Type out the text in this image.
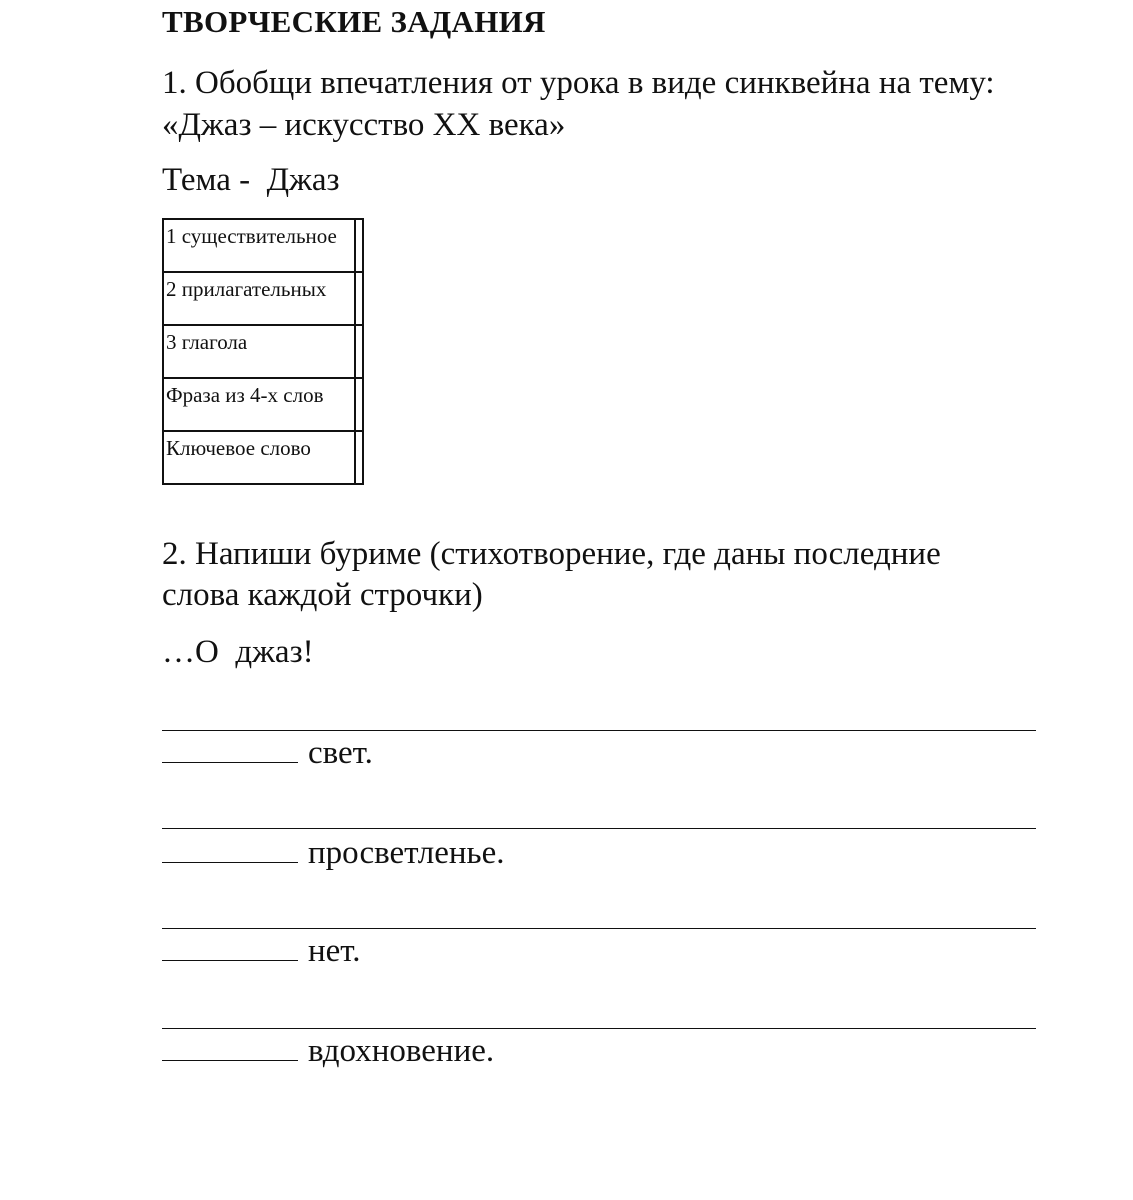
ТВОРЧЕСКИЕ ЗАДАНИЯ
1. Обобщи впечатления от урока в виде синквейна на тему:
«Джаз – искусство XX века»
Тема -  Джаз
1 существительное	
2 прилагательных	
3 глагола	
Фраза из 4-х слов	
Ключевое слово	
2. Напиши буриме (стихотворение, где даны последние
слова каждой строчки)
…О  джаз!
свет.
просветленье.
нет.
вдохновение.
